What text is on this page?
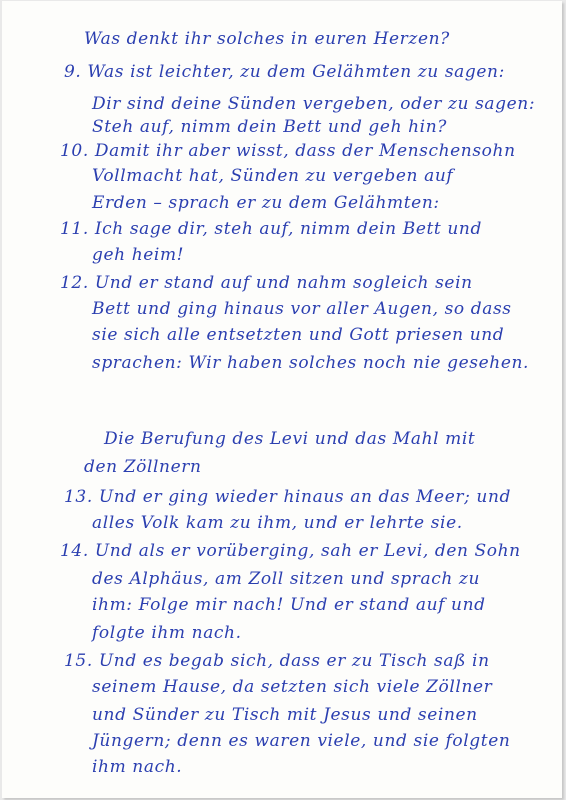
Was denkt ihr solches in euren Herzen?
9. Was ist leichter, zu dem Gelähmten zu sagen:
Dir sind deine Sünden vergeben, oder zu sagen:
Steh auf, nimm dein Bett und geh hin?
10. Damit ihr aber wisst, dass der Menschensohn
Vollmacht hat, Sünden zu vergeben auf
Erden – sprach er zu dem Gelähmten:
11. Ich sage dir, steh auf, nimm dein Bett und
geh heim!
12. Und er stand auf und nahm sogleich sein
Bett und ging hinaus vor aller Augen, so dass
sie sich alle entsetzten und Gott priesen und
sprachen: Wir haben solches noch nie gesehen.
Die Berufung des Levi und das Mahl mit
den Zöllnern
13. Und er ging wieder hinaus an das Meer; und
alles Volk kam zu ihm, und er lehrte sie.
14. Und als er vorüberging, sah er Levi, den Sohn
des Alphäus, am Zoll sitzen und sprach zu
ihm: Folge mir nach! Und er stand auf und
folgte ihm nach.
15. Und es begab sich, dass er zu Tisch saß in
seinem Hause, da setzten sich viele Zöllner
und Sünder zu Tisch mit Jesus und seinen
Jüngern; denn es waren viele, und sie folgten
ihm nach.
